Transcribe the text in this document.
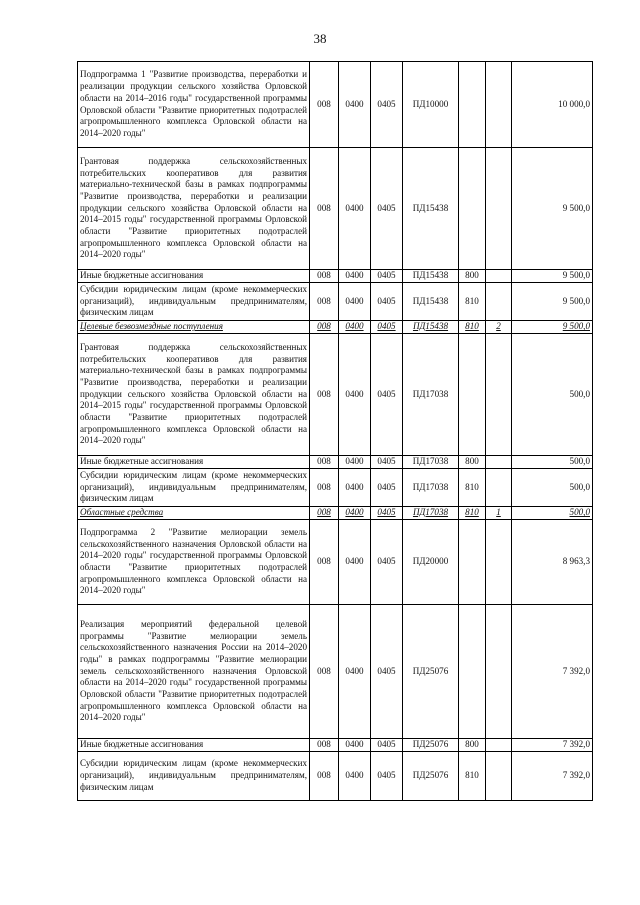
38
Подпрограмма 1 "Развитие производства, переработки и реализации продукции сельского хозяйства Орловской области на 2014–2016 годы" государственной программы Орловской области "Развитие приоритетных подотраслей агропромышленного комплекса Орловской области на 2014–2020 годы"	008	0400	0405	ПД10000			10 000,0
Грантовая поддержка сельскохозяйственных потребительских кооперативов для развития материально-технической базы в рамках подпрограммы "Развитие производства, переработки и реализации продукции сельского хозяйства Орловской области на 2014–2015 годы" государственной программы Орловской области "Развитие приоритетных подотраслей агропромышленного комплекса Орловской области на 2014–2020 годы"	008	0400	0405	ПД15438			9 500,0
Иные бюджетные ассигнования	008	0400	0405	ПД15438	800		9 500,0
Субсидии юридическим лицам (кроме некоммерческих организаций), индивидуальным предпринимателям, физическим лицам	008	0400	0405	ПД15438	810		9 500,0
Целевые безвозмездные поступления	008	0400	0405	ПД15438	810	2	9 500,0
Грантовая поддержка сельскохозяйственных потребительских кооперативов для развития материально-технической базы в рамках подпрограммы "Развитие производства, переработки и реализации продукции сельского хозяйства Орловской области на 2014–2015 годы" государственной программы Орловской области "Развитие приоритетных подотраслей агропромышленного комплекса Орловской области на 2014–2020 годы"	008	0400	0405	ПД17038			500,0
Иные бюджетные ассигнования	008	0400	0405	ПД17038	800		500,0
Субсидии юридическим лицам (кроме некоммерческих организаций), индивидуальным предпринимателям, физическим лицам	008	0400	0405	ПД17038	810		500,0
Областные средства	008	0400	0405	ПД17038	810	1	500,0
Подпрограмма 2 "Развитие мелиорации земель сельскохозяйственного назначения Орловской области на 2014–2020 годы" государственной программы Орловской области "Развитие приоритетных подотраслей агропромышленного комплекса Орловской области на 2014–2020 годы"	008	0400	0405	ПД20000			8 963,3
Реализация мероприятий федеральной целевой программы "Развитие мелиорации земель сельскохозяйственного назначения России на 2014–2020 годы" в рамках подпрограммы "Развитие мелиорации земель сельскохозяйственного назначения Орловской области на 2014–2020 годы" государственной программы Орловской области "Развитие приоритетных подотраслей агропромышленного комплекса Орловской области на 2014–2020 годы"	008	0400	0405	ПД25076			7 392,0
Иные бюджетные ассигнования	008	0400	0405	ПД25076	800		7 392,0
Субсидии юридическим лицам (кроме некоммерческих организаций), индивидуальным предпринимателям, физическим лицам	008	0400	0405	ПД25076	810		7 392,0
